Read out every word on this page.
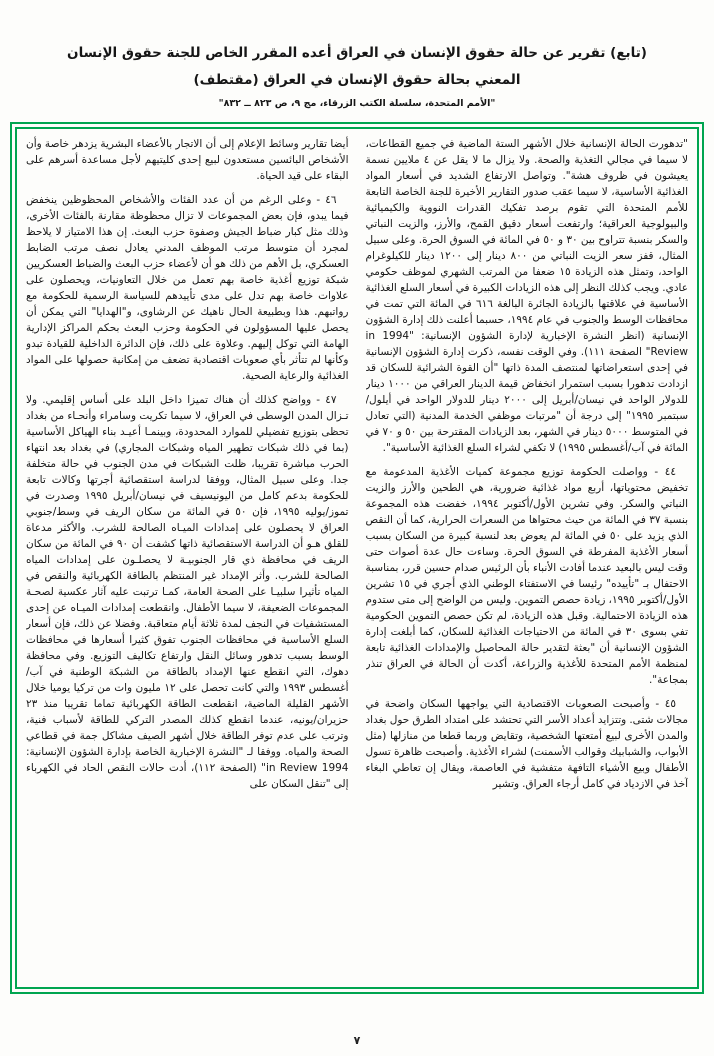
(تابع) تقرير عن حالة حقوق الإنسان في العراق أعده المقرر الخاص للجنة حقوق الإنسان
المعني بحالة حقوق الإنسان في العراق (مقتطف)
"الأمم المتحدة، سلسلة الكتب الزرقاء، مج ٩، ص ٨٢٣ ــ ٨٣٢"

"تدهورت الحالة الإنسانية خلال الأشهر الستة الماضية في جميع القطاعات، لا سيما في مجالي التغذية والصحة. ولا يزال ما لا يقل عن ٤ ملايين نسمة يعيشون في ظروف هشة". وتواصل الارتفاع الشديد في أسعار المواد الغذائية الأساسية، لا سيما عقب صدور التقارير الأخيرة للجنة الخاصة التابعة للأمم المتحدة التي تقوم برصد تفكيك القدرات النووية والكيميائية والبيولوجية العراقية؛ وارتفعت أسعار دقيق القمح، والأرز، والزيت النباتي والسكر بنسبة تتراوح بين ٣٠ و ٥٠ في المائة في السوق الحرة. وعلى سبيل المثال، قفز سعر الزيت النباتي من ٨٠٠ دينار إلى ١٢٠٠ دينار للكيلوغرام الواحد، وتمثل هذه الزيادة ١٥ ضعفا من المرتب الشهري لموظف حكومي عادي. ويجب كذلك النظر إلى هذه الزيادات الكبيرة في أسعار السلع الغذائية الأساسية في علاقتها بالزيادة الجائرة البالغة ٦١٦ في المائة التي تمت في محافظات الوسط والجنوب في عام ١٩٩٤، حسبما أعلنت ذلك إدارة الشؤون الإنسانية (انظر النشرة الإخبارية لإدارة الشؤون الإنسانية: "1994 in Review" الصفحة ١١١). وفي الوقت نفسه، ذكرت إدارة الشؤون الإنسانية في إحدى استعراضاتها لمنتصف المدة ذاتها "أن القوة الشرائية للسكان قد ازدادت تدهورا بسبب استمرار انخفاض قيمة الدينار العراقي من ١٠٠٠ دينار للدولار الواحد في نيسان/أبريل إلى ٢٠٠٠ دينار للدولار الواحد في أيلول/سبتمبر ١٩٩٥" إلى درجة أن "مرتبات موظفي الخدمة المدنية (التي تعادل في المتوسط ٥٠٠٠ دينار في الشهر، بعد الزيادات المقترحة بين ٥٠ و ٧٠ في المائة في آب/أغسطس ١٩٩٥) لا تكفي لشراء السلع الغذائية الأساسية".

٤٤ - وواصلت الحكومة توزيع مجموعة كميات الأغذية المدعومة مع تخفيض محتوياتها، أربع مواد غذائية ضرورية، هي الطحين والأرز والزيت النباتي والسكر. وفي تشرين الأول/أكتوبر ١٩٩٤، خفضت هذه المجموعة بنسبة ٣٧ في المائة من حيث محتواها من السعرات الحرارية، كما أن النقص الذي يزيد على ٥٠ في المائة لم يعوض بعد لنسبة كبيرة من السكان بسبب أسعار الأغذية المفرطة في السوق الحرة. وساءت حال عدة أصوات حتى وقت ليس بالبعيد عندما أفادت الأنباء بأن الرئيس صدام حسين قرر، بمناسبة الاحتفال بـ "تأييده" رئيسا في الاستفتاء الوطني الذي أجري في ١٥ تشرين الأول/أكتوبر ١٩٩٥، زيادة حصص التموين. وليس من الواضح إلى متى ستدوم هذه الزيادة الاحتمالية. وقبل هذه الزيادة، لم تكن حصص التموين الحكومية تفي بسوى ٣٠ في المائة من الاحتياجات الغذائية للسكان، كما أبلغت إدارة الشؤون الإنسانية أن "بعثة لتقدير حالة المحاصيل والإمدادات الغذائية تابعة لمنظمة الأمم المتحدة للأغذية والزراعة، أكدت أن الحالة في العراق تنذر بمجاعة".

٤٥ - وأصبحت الصعوبات الاقتصادية التي يواجهها السكان واضحة في مجالات شتى. وتتزايد أعداد الأسر التي تحتشد على امتداد الطرق حول بغداد والمدن الأخرى لبيع أمتعتها الشخصية، وتقايض وربما قطعا من منازلها (مثل الأبواب، والشبابيك وقوالب الأسمنت) لشراء الأغذية. وأصبحت ظاهرة تسول الأطفال وبيع الأشياء التافهة متفشية في العاصمة، ويقال إن تعاطي البغاء آخذ في الازدياد في كامل أرجاء العراق. وتشير

أيضا تقارير وسائط الإعلام إلى أن الاتجار بالأعضاء البشرية يزدهر خاصة وأن الأشخاص البائسين مستعدون لبيع إحدى كليتيهم لأجل مساعدة أسرهم على البقاء على قيد الحياة.

٤٦ - وعلى الرغم من أن عدد الفئات والأشخاص المحظوظين ينخفض فيما يبدو، فإن بعض المجموعات لا تزال محظوظة مقارنة بالفئات الأخرى، وذلك مثل كبار ضباط الجيش وصفوة حزب البعث. إن هذا الامتياز لا يلاحظ لمجرد أن متوسط مرتب الموظف المدني يعادل نصف مرتب الضابط العسكري، بل الأهم من ذلك هو أن لأعضاء حزب البعث والضباط العسكريين شبكة توزيع أغذية خاصة بهم تعمل من خلال التعاونيات، ويحصلون على علاوات خاصة بهم تدل على مدى تأييدهم للسياسة الرسمية للحكومة مع رواتبهم. هذا وبطبيعة الحال ناهيك عن الرشاوى، و"الهدايا" التي يمكن أن يحصل عليها المسؤولون في الحكومة وحزب البعث بحكم المراكز الإدارية الهامة التي توكل إليهم. وعلاوة على ذلك، فإن الدائرة الداخلية للقيادة تبدو وكأنها لم تتأثر بأي صعوبات اقتصادية تضعف من إمكانية حصولها على المواد الغذائية والرعاية الصحية.

٤٧ - وواضح كذلك أن هناك تميزا داخل البلد على أساس إقليمي. ولا تـزال المدن الوسطى في العراق، لا سيما تكريت وسامراء وأنحـاء من بغداد تحظى بتوزيع تفضيلي للموارد المحدودة، وبينمـا أعيـد بناء الهياكل الأساسية (بما في ذلك شبكات تطهير المياه وشبكات المجاري) في بغداد بعد انتهاء الحرب مباشرة تقريبا، ظلت الشبكات في مدن الجنوب في حالة متخلفة جدا. وعلى سبيل المثال، ووفقا لدراسة استقصائية أجرتها وكالات تابعة للحكومة بدعم كامل من اليونيسيف في نيسان/أبريل ١٩٩٥ وصدرت في تموز/يوليه ١٩٩٥، فإن ٥٠ في المائة من سكان الريف في وسط/جنوبي العراق لا يحصلون على إمدادات الميـاه الصالحة للشرب. والأكثر مدعاة للقلق هـو أن الدراسة الاستقصائية ذاتها كشفت أن ٩٠ في المائة من سكان الريف في محافظة ذي قار الجنوبيـة لا يحصلـون على إمدادات المياه الصالحة للشرب. وأثر الإمداد غير المنتظم بالطاقة الكهربائية والنقص في المياه تأثيرا سلبيـا على الصحة العامة، كمـا ترتبت عليه آثار عكسية لصحـة المجموعات الضعيفة، لا سيما الأطفال. وانقطعت إمدادات الميـاه عن إحدى المستشفيات في النجف لمدة ثلاثة أيام متعاقبة. وفضلا عن ذلك، فإن أسعار السلع الأساسية في محافظات الجنوب تفوق كثيرا أسعارها في محافظات الوسط بسبب تدهور وسائل النقل وارتفاع تكاليف التوزيع. وفي محافظة دهوك، التي انقطع عنها الإمداد بالطاقة من الشبكة الوطنية في آب/أغسطس ١٩٩٣ والتي كانت تحصل على ١٢ مليون وات من تركيا يوميا خلال الأشهر القليلة الماضية، انقطعت الطاقة الكهربائية تماما تقريبا منذ ٢٣ حزيران/يونيه، عندما انقطع كذلك المصدر التركي للطاقة لأسباب فنية، وترتب على عدم توفر الطاقة خلال أشهر الصيف مشاكل جمة في قطاعي الصحة والمياه. ووفقا لـ "النشرة الإخبارية الخاصة بإدارة الشؤون الإنسانية: 1994 in Review" (الصفحة ١١٢)، أدت حالات النقص الحاد في الكهرباء إلى "تنقل السكان على

٧
